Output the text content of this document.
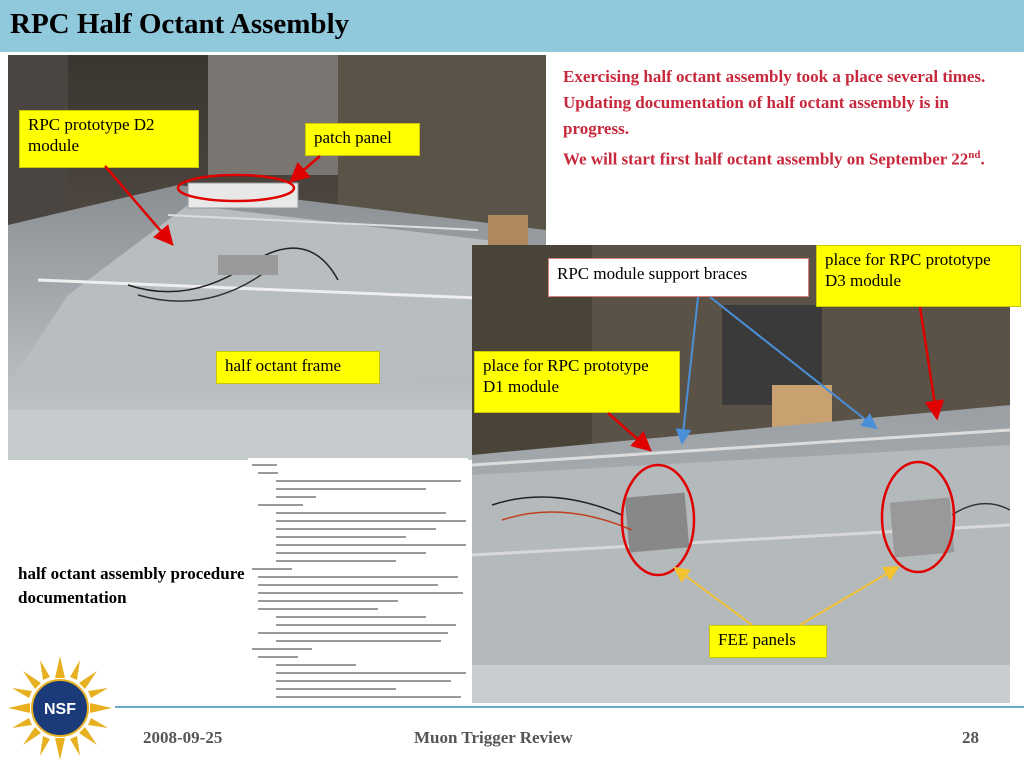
RPC Half Octant Assembly
RPC prototype D2 module	patch panel
half octant frame
RPC module support braces
place for RPC prototype D3 module
place for RPC prototype D1 module
FEE panels

Exercising half octant assembly took a place several times.

Updating documentation of half octant assembly is in progress.

We will start first half octant assembly on September 22nd.

half octant assembly procedure documentation
NSF
2008-09-25	Muon Trigger Review	28
